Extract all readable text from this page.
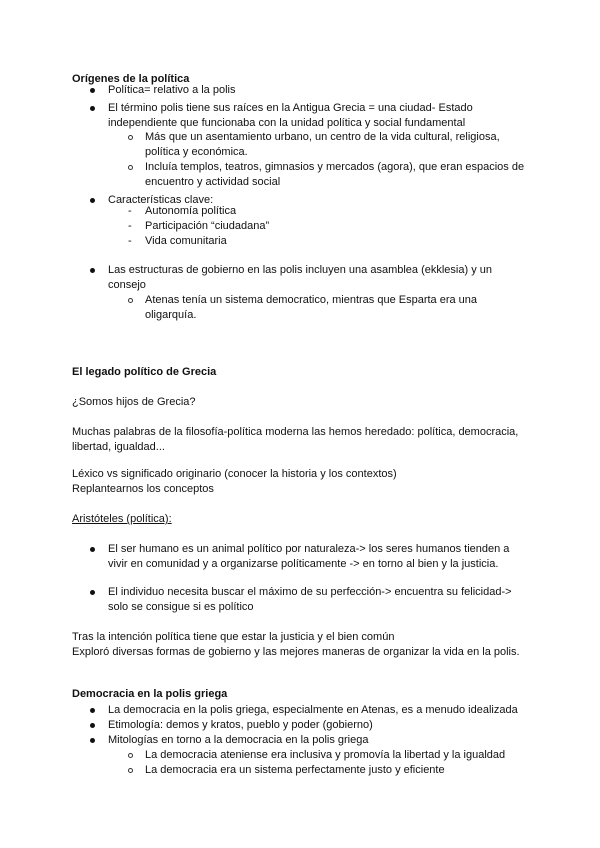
Orígenes de la política
Política= relativo a la polis
El término polis tiene sus raíces en la Antigua Grecia = una ciudad- Estado
independiente que funcionaba con la unidad política y social fundamental
Más que un asentamiento urbano, un centro de la vida cultural, religiosa,
política y económica.
Incluía templos, teatros, gimnasios y mercados (agora), que eran espacios de
encuentro y actividad social
Características clave:
- Autonomía política
- Participación “ciudadana”
- Vida comunitaria
Las estructuras de gobierno en las polis incluyen una asamblea (ekklesia) y un
consejo
Atenas tenía un sistema democratico, mientras que Esparta era una
oligarquía.
El legado político de Grecia
¿Somos hijos de Grecia?
Muchas palabras de la filosofía-política moderna las hemos heredado: política, democracia,
libertad, igualdad...
Léxico vs significado originario (conocer la historia y los contextos)
Replantearnos los conceptos
Aristóteles (política):
El ser humano es un animal político por naturaleza-> los seres humanos tienden a
vivir en comunidad y a organizarse políticamente -> en torno al bien y la justicia.
El individuo necesita buscar el máximo de su perfección-> encuentra su felicidad->
solo se consigue si es político
Tras la intención política tiene que estar la justicia y el bien común
Exploró diversas formas de gobierno y las mejores maneras de organizar la vida en la polis.
Democracia en la polis griega
La democracia en la polis griega, especialmente en Atenas, es a menudo idealizada
Etimología: demos y kratos, pueblo y poder (gobierno)
Mitologías en torno a la democracia en la polis griega
La democracia ateniense era inclusiva y promovía la libertad y la igualdad
La democracia era un sistema perfectamente justo y eficiente
